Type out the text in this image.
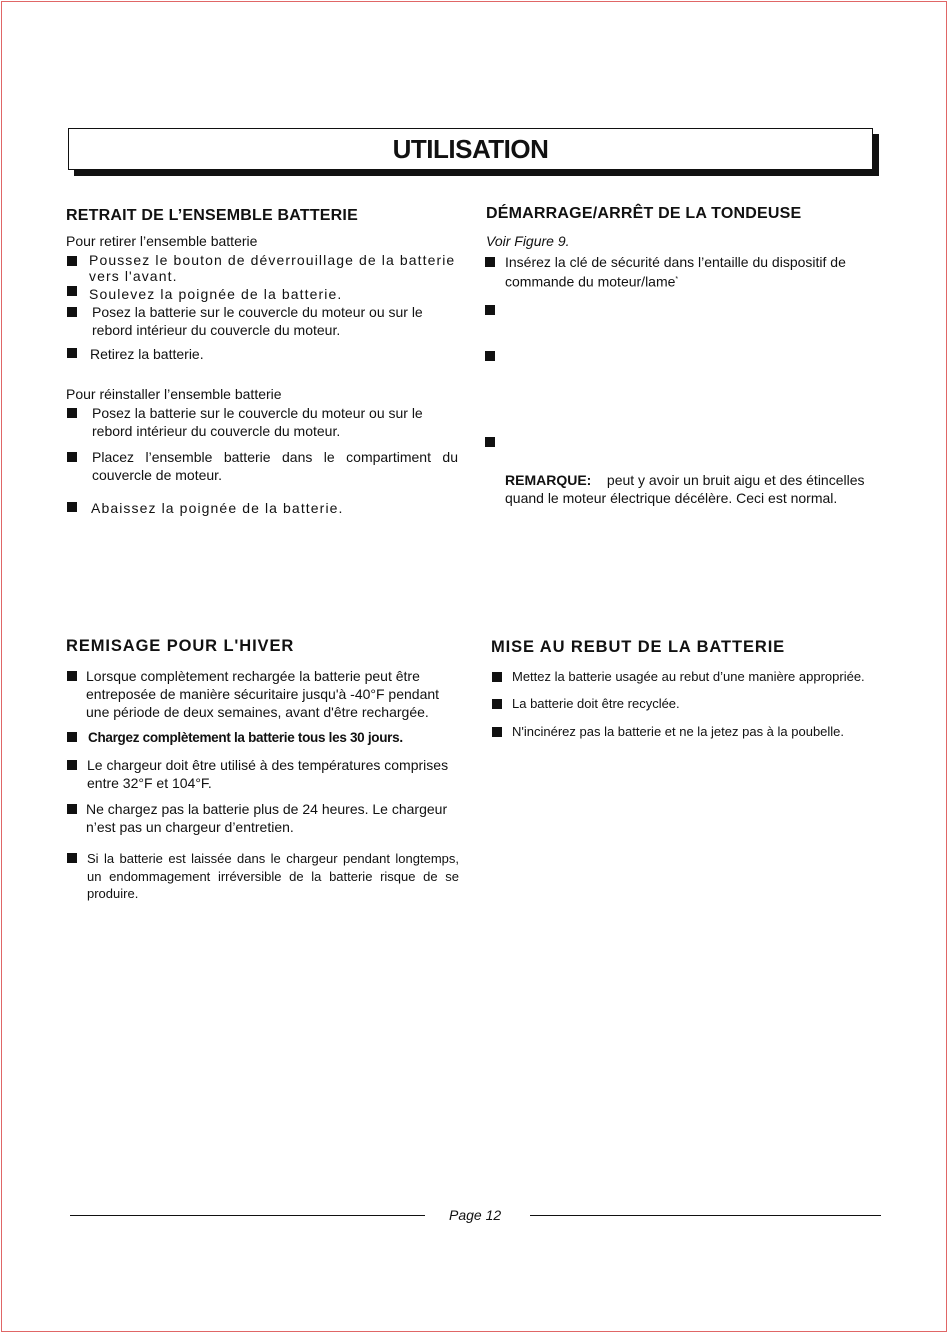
UTILISATION
RETRAIT DE L’ENSEMBLE BATTERIE
Pour retirer l’ensemble batterie
Poussez le bouton de déverrouillage de la batterie vers l'avant.
Soulevez la poignée de la batterie.
Posez la batterie sur le couvercle du moteur ou sur le rebord intérieur du couvercle du moteur.
Retirez la batterie.
Pour réinstaller l’ensemble batterie
Posez la batterie sur le couvercle du moteur ou sur le rebord intérieur du couvercle du moteur.
Placez l’ensemble batterie dans le compartiment du couvercle de moteur.
Abaissez la poignée de la batterie.
DÉMARRAGE/ARRÊT DE LA TONDEUSE
Voir Figure 9.
Insérez la clé de sécurité dans l’entaille du dispositif de commande du moteur/lame*
REMARQUE: peut y avoir un bruit aigu et des étincelles quand le moteur électrique décélère. Ceci est normal.
REMISAGE POUR L'HIVER
Lorsque complètement rechargée la batterie peut être entreposée de manière sécuritaire jusqu'à -40°F pendant une période de deux semaines, avant d'être rechargée.
Chargez complètement la batterie tous les 30 jours.
Le chargeur doit être utilisé à des températures comprises entre 32°F et 104°F.
Ne chargez pas la batterie plus de 24 heures. Le chargeur n’est pas un chargeur d’entretien.
Si la batterie est laissée dans le chargeur pendant longtemps, un endommagement irréversible de la batterie risque de se produire.
MISE AU REBUT DE LA BATTERIE
Mettez la batterie usagée au rebut d’une manière appropriée.
La batterie doit être recyclée.
N'incinérez pas la batterie et ne la jetez pas à la poubelle.
Page 12
